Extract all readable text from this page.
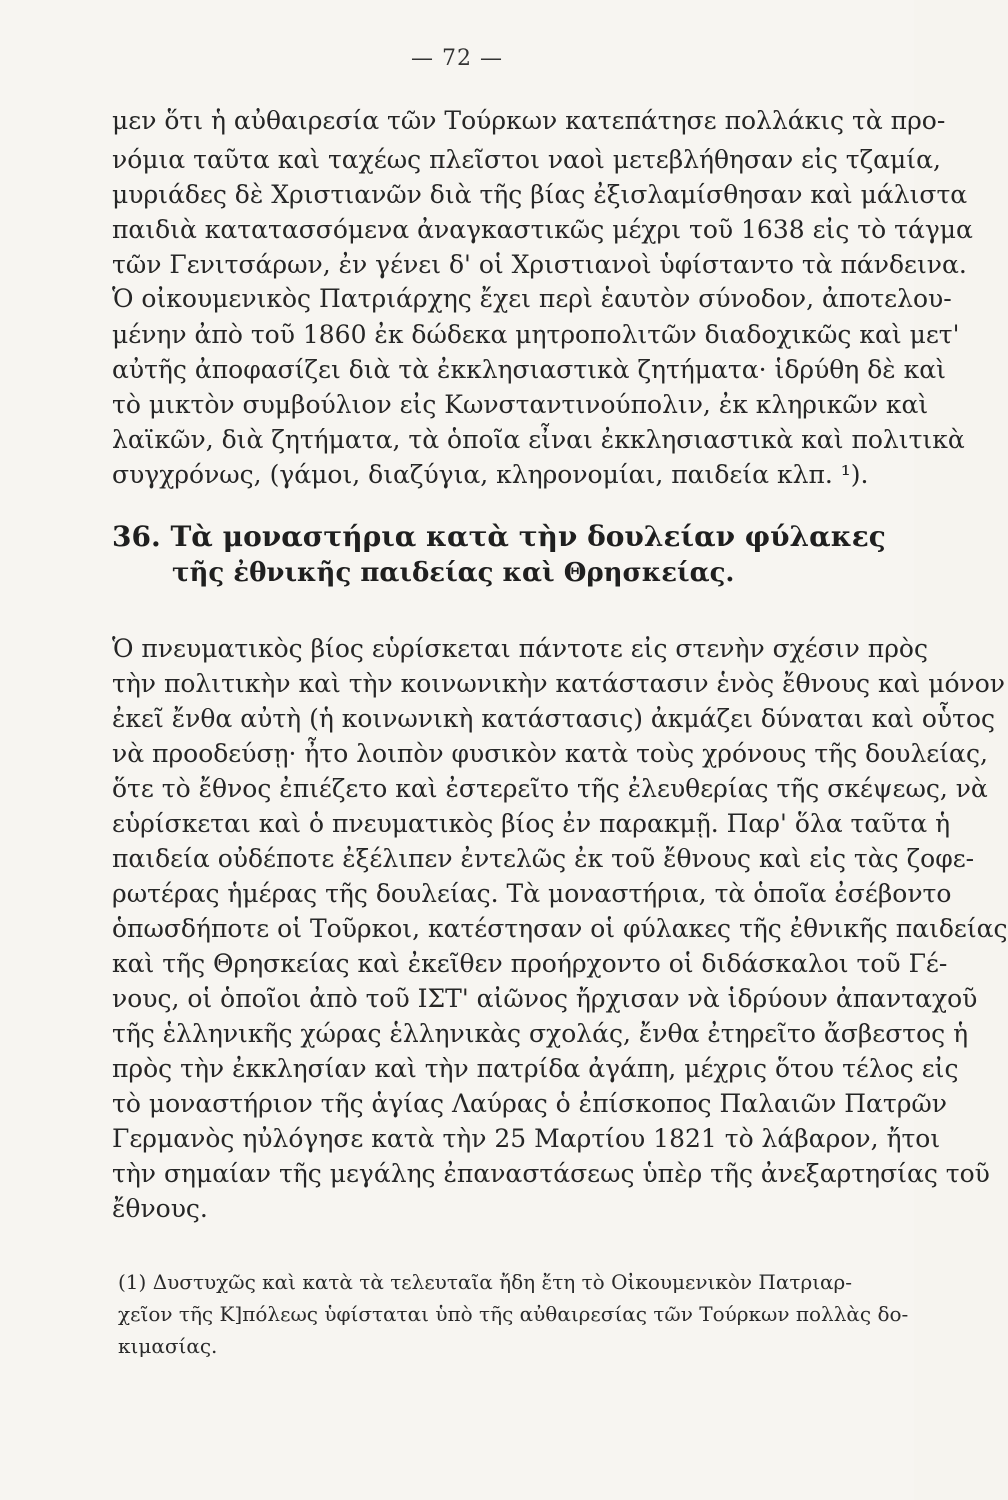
— 72 —
μεν ὅτι ἡ αὐθαιρεσία τῶν Τούρκων κατεπάτησε πολλάκις τὰ προ-
νόμια ταῦτα καὶ ταχέως πλεῖστοι ναοὶ μετεβλήθησαν εἰς τζαμία,
μυριάδες δὲ Χριστιανῶν διὰ τῆς βίας ἐξισλαμίσθησαν καὶ μάλιστα
παιδιὰ κατατασσόμενα ἀναγκαστικῶς μέχρι τοῦ 1638 εἰς τὸ τάγμα
τῶν Γενιτσάρων, ἐν γένει δ' οἱ Χριστιανοὶ ὑφίσταντο τὰ πάνδεινα.
Ὁ οἰκουμενικὸς Πατριάρχης ἔχει περὶ ἑαυτὸν σύνοδον, ἀποτελου-
μένην ἀπὸ τοῦ 1860 ἐκ δώδεκα μητροπολιτῶν διαδοχικῶς καὶ μετ'
αὐτῆς ἀποφασίζει διὰ τὰ ἐκκλησιαστικὰ ζητήματα· ἱδρύθη δὲ καὶ
τὸ μικτὸν συμβούλιον εἰς Κωνσταντινούπολιν, ἐκ κληρικῶν καὶ
λαϊκῶν, διὰ ζητήματα, τὰ ὁποῖα εἶναι ἐκκλησιαστικὰ καὶ πολιτικὰ
συγχρόνως, (γάμοι, διαζύγια, κληρονομίαι, παιδεία κλπ. ¹).
36. Τὰ μοναστήρια κατὰ τὴν δουλείαν φύλακες
τῆς ἐθνικῆς παιδείας καὶ Θρησκείας.
Ὁ πνευματικὸς βίος εὑρίσκεται πάντοτε εἰς στενὴν σχέσιν πρὸς
τὴν πολιτικὴν καὶ τὴν κοινωνικὴν κατάστασιν ἑνὸς ἔθνους καὶ μόνον
ἐκεῖ ἔνθα αὐτὴ (ἡ κοινωνικὴ κατάστασις) ἀκμάζει δύναται καὶ οὗτος
νὰ προοδεύσῃ· ἦτο λοιπὸν φυσικὸν κατὰ τοὺς χρόνους τῆς δουλείας,
ὅτε τὸ ἔθνος ἐπιέζετο καὶ ἐστερεῖτο τῆς ἐλευθερίας τῆς σκέψεως, νὰ
εὑρίσκεται καὶ ὁ πνευματικὸς βίος ἐν παρακμῇ. Παρ' ὅλα ταῦτα ἡ
παιδεία οὐδέποτε ἐξέλιπεν ἐντελῶς ἐκ τοῦ ἔθνους καὶ εἰς τὰς ζοφε-
ρωτέρας ἡμέρας τῆς δουλείας. Τὰ μοναστήρια, τὰ ὁποῖα ἐσέβοντο
ὁπωσδήποτε οἱ Τοῦρκοι, κατέστησαν οἱ φύλακες τῆς ἐθνικῆς παιδείας
καὶ τῆς Θρησκείας καὶ ἐκεῖθεν προήρχοντο οἱ διδάσκαλοι τοῦ Γέ-
νους, οἱ ὁποῖοι ἀπὸ τοῦ ΙΣΤ' αἰῶνος ἤρχισαν νὰ ἱδρύουν ἀπανταχοῦ
τῆς ἑλληνικῆς χώρας ἑλληνικὰς σχολάς, ἔνθα ἐτηρεῖτο ἄσβεστος ἡ
πρὸς τὴν ἐκκλησίαν καὶ τὴν πατρίδα ἀγάπη, μέχρις ὅτου τέλος εἰς
τὸ μοναστήριον τῆς ἁγίας Λαύρας ὁ ἐπίσκοπος Παλαιῶν Πατρῶν
Γερμανὸς ηὐλόγησε κατὰ τὴν 25 Μαρτίου 1821 τὸ λάβαρον, ἤτοι
τὴν σημαίαν τῆς μεγάλης ἐπαναστάσεως ὑπὲρ τῆς ἀνεξαρτησίας τοῦ
ἔθνους.
(1) Δυστυχῶς καὶ κατὰ τὰ τελευταῖα ἤδη ἔτη τὸ Οἰκουμενικὸν Πατριαρ-
χεῖον τῆς Κ]πόλεως ὑφίσταται ὑπὸ τῆς αὐθαιρεσίας τῶν Τούρκων πολλὰς δο-
κιμασίας.
